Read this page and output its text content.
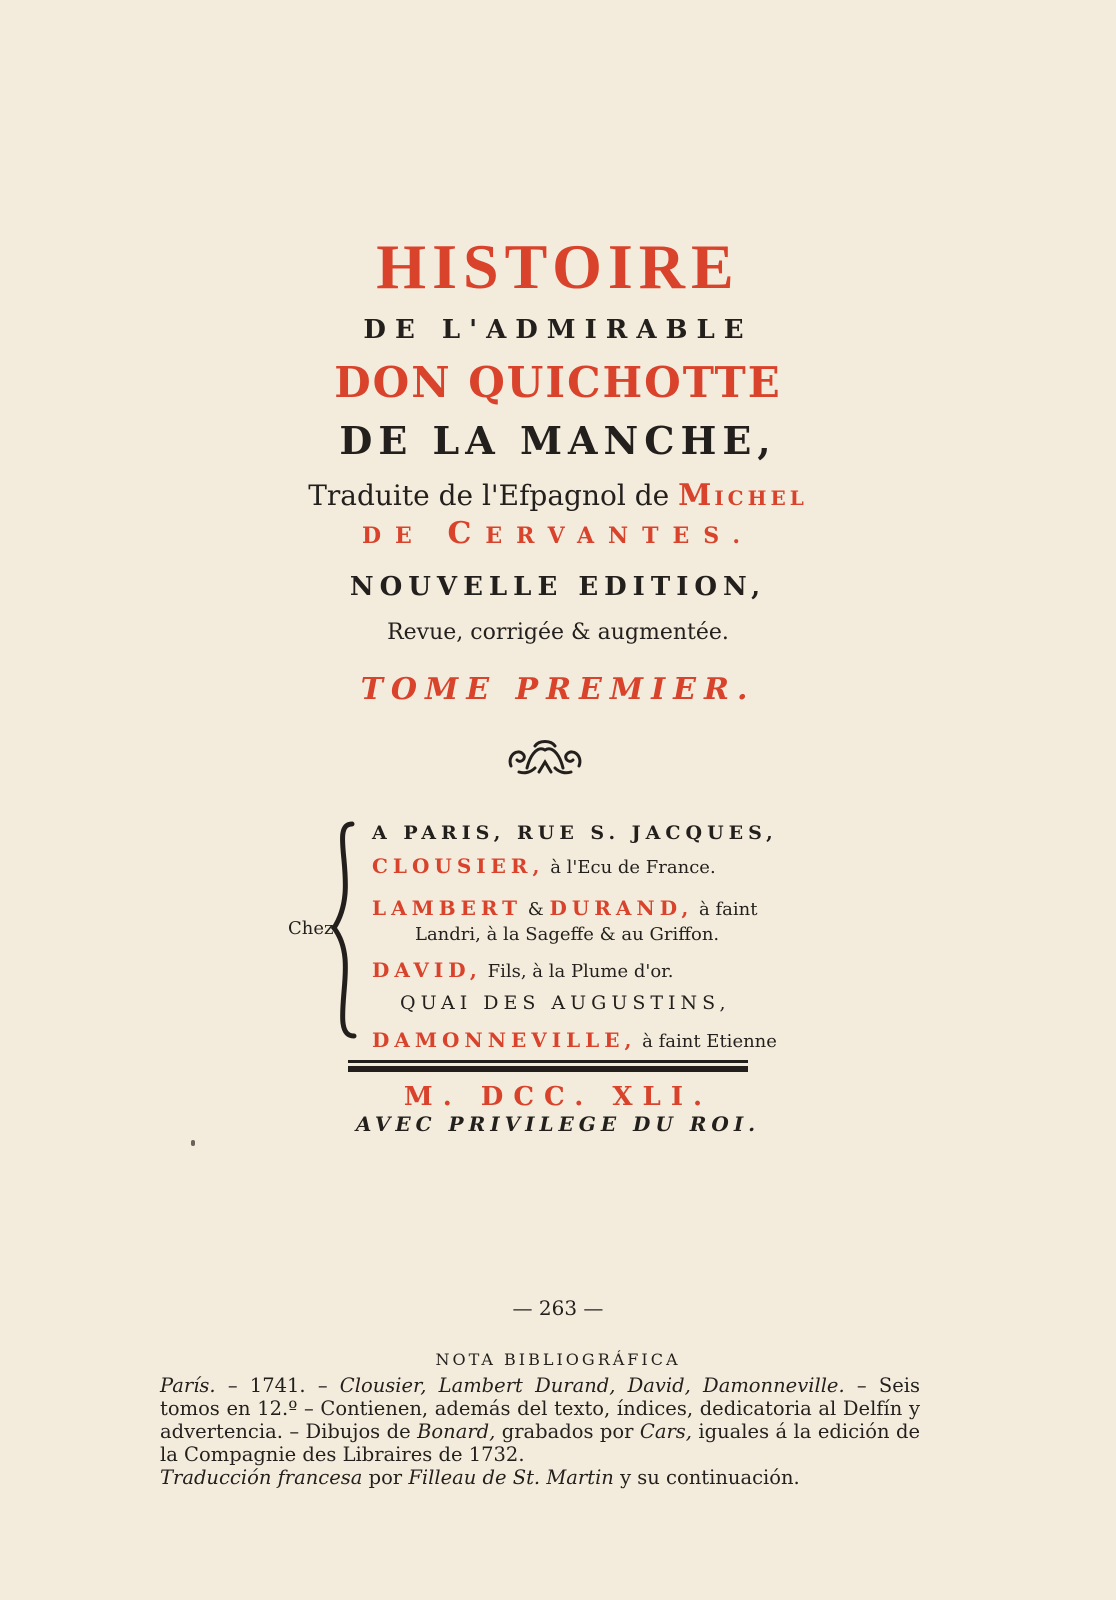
HISTOIRE
DE L'ADMIRABLE
DON QUICHOTTE
DE LA MANCHE,
Traduite de l'Efpagnol de MICHEL
DE CERVANTES.
NOUVELLE EDITION,
Revue, corrigée & augmentée.
TOME PREMIER.
Chez
A PARIS, RUE S. JACQUES,
CLOUSIER, à l'Ecu de France.
LAMBERT & DURAND, à faint
Landri, à la Sageffe & au Griffon.
DAVID, Fils, à la Plume d'or.
QUAI DES AUGUSTINS,
DAMONNEVILLE, à faint Etienne
M. DCC. XLI.
AVEC PRIVILEGE DU ROI.
— 263 —
NOTA BIBLIOGRÁFICA

París. – 1741. – Clousier, Lambert Durand, David, Damonneville. – Seis tomos en 12.º – Contienen, además del texto, índices, dedicatoria al Delfín y advertencia. – Dibujos de Bonard, grabados por Cars, iguales á la edición de la Compagnie des Libraires de 1732.

Traducción francesa por Filleau de St. Martin y su continuación.
